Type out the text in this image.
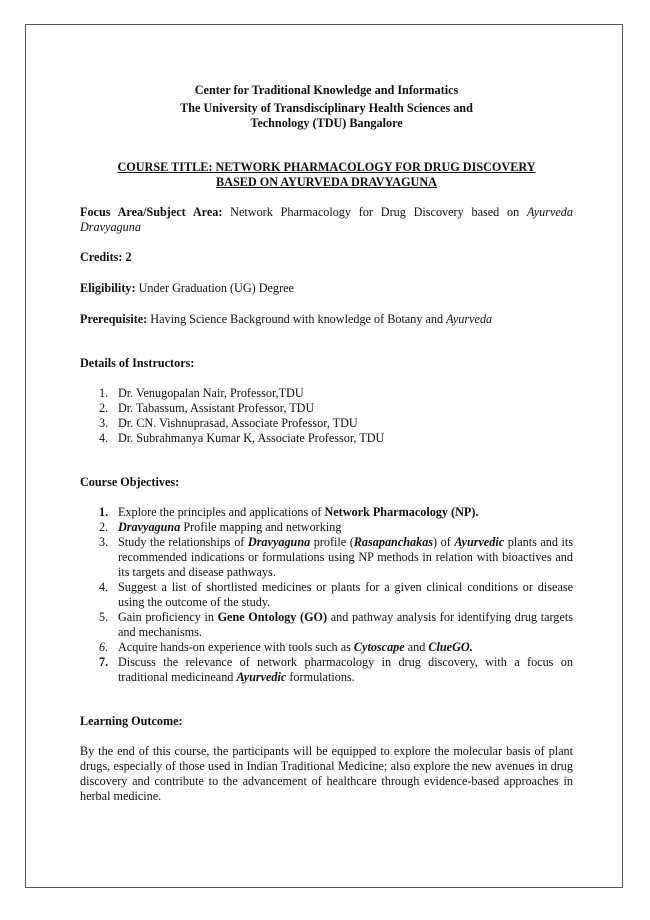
Center for Traditional Knowledge and Informatics
The University of Transdisciplinary Health Sciences and
Technology (TDU) Bangalore
COURSE TITLE: NETWORK PHARMACOLOGY FOR DRUG DISCOVERY
BASED ON AYURVEDA DRAVYAGUNA

Focus Area/Subject Area: Network Pharmacology for Drug Discovery based on Ayurveda Dravyaguna

Credits: 2

Eligibility: Under Graduation (UG) Degree

Prerequisite: Having Science Background with knowledge of Botany and Ayurveda

Details of Instructors:

1. Dr. Venugopalan Nair, Professor,TDU
2. Dr. Tabassum, Assistant Professor, TDU
3. Dr. CN. Vishnuprasad, Associate Professor, TDU
4. Dr. Subrahmanya Kumar K, Associate Professor, TDU

Course Objectives:

1. Explore the principles and applications of Network Pharmacology (NP).
2. Dravyaguna Profile mapping and networking
3. Study the relationships of Dravyaguna profile (Rasapanchakas) of Ayurvedic plants and its recommended indications or formulations using NP methods in relation with bioactives and its targets and disease pathways.
4. Suggest a list of shortlisted medicines or plants for a given clinical conditions or disease using the outcome of the study.
5. Gain proficiency in Gene Ontology (GO) and pathway analysis for identifying drug targets and mechanisms.
6. Acquire hands-on experience with tools such as Cytoscape and ClueGO.
7. Discuss the relevance of network pharmacology in drug discovery, with a focus on traditional medicineand Ayurvedic formulations.

Learning Outcome:

By the end of this course, the participants will be equipped to explore the molecular basis of plant drugs, especially of those used in Indian Traditional Medicine; also explore the new avenues in drug discovery and contribute to the advancement of healthcare through evidence-based approaches in herbal medicine.
